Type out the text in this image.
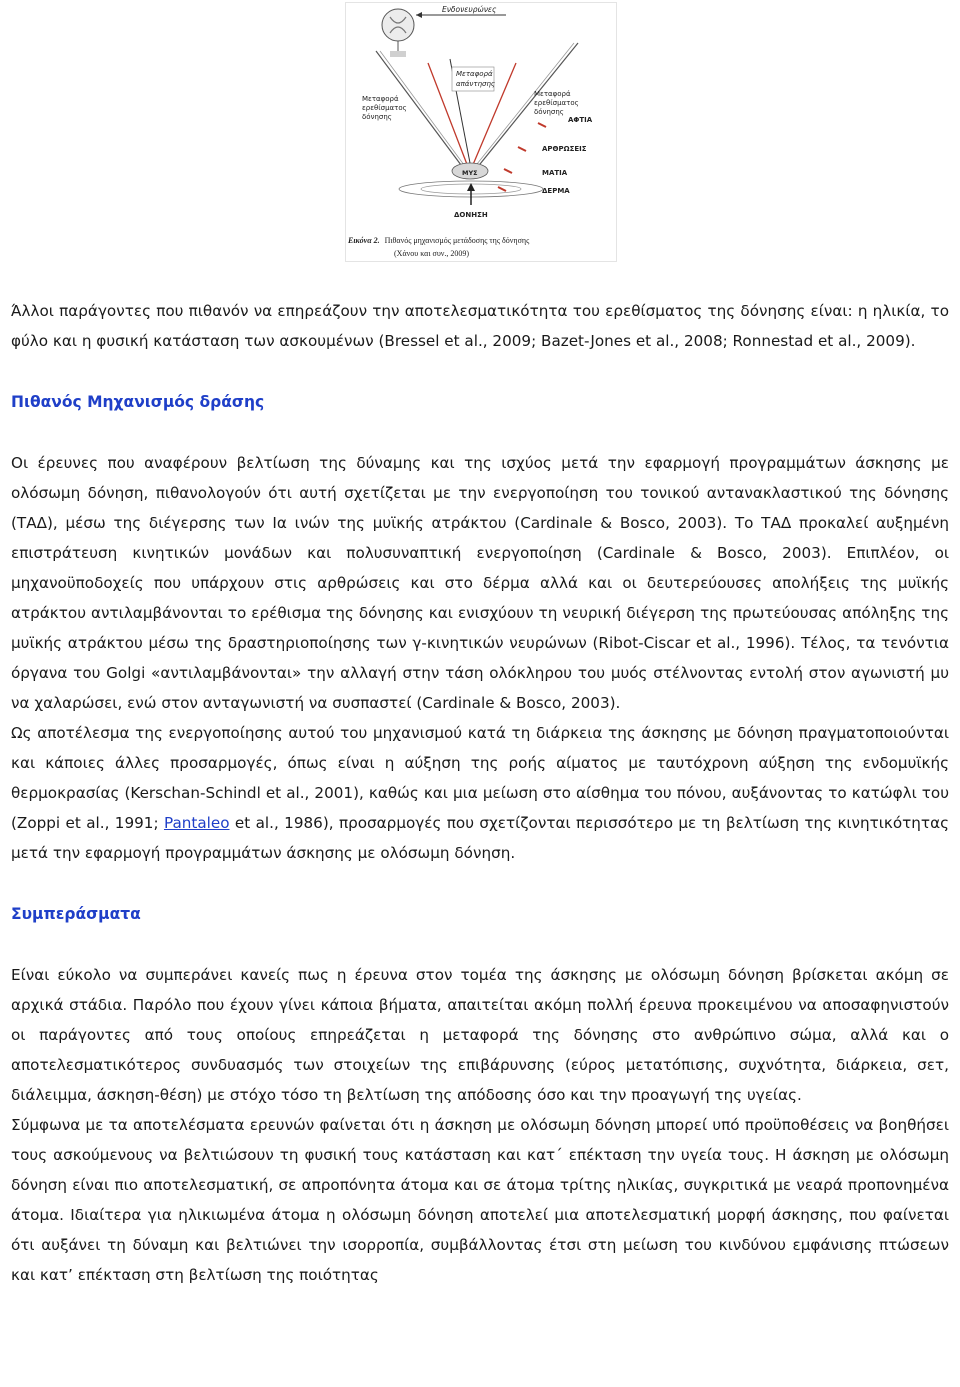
Ενδονευρώνες
Μεταφορά
ερεθίσματος
δόνησης
Μεταφορά
απάντησης
Μεταφορά
ερεθίσματος
δόνησης
ΑΦΤΙΑ
ΑΡΘΡΩΣΕΙΣ
ΜΑΤΙΑ
ΔΕΡΜΑ
ΜΥΣ
ΔΟΝΗΣΗ
Εικόνα 2. Πιθανός μηχανισμός μετάδοσης της δόνησης
(Χάνου και συν., 2009)

Άλλοι παράγοντες που πιθανόν να επηρεάζουν την αποτελεσματικότητα του ερεθίσματος της δόνησης είναι: η ηλικία, το φύλο και η φυσική κατάσταση των ασκουμένων (Bressel et al., 2009; Bazet-Jones et al., 2008; Ronnestad et al., 2009).

Πιθανός Μηχανισμός δράσης

Οι έρευνες που αναφέρουν βελτίωση της δύναμης και της ισχύος μετά την εφαρμογή προγραμμάτων άσκησης με ολόσωμη δόνηση, πιθανολογούν ότι αυτή σχετίζεται με την ενεργοποίηση του τονικού αντανακλαστικού της δόνησης (ΤΑΔ), μέσω της διέγερσης των Ια ινών της μυϊκής ατράκτου (Cardinale & Bosco, 2003). Το ΤΑΔ προκαλεί αυξημένη επιστράτευση κινητικών μονάδων και πολυσυναπτική ενεργοποίηση (Cardinale & Bosco, 2003). Επιπλέον, οι μηχανοϋποδοχείς που υπάρχουν στις αρθρώσεις και στο δέρμα αλλά και οι δευτερεύουσες απολήξεις της μυϊκής ατράκτου αντιλαμβάνονται το ερέθισμα της δόνησης και ενισχύουν τη νευρική διέγερση της πρωτεύουσας απόληξης της μυϊκής ατράκτου μέσω της δραστηριοποίησης των γ-κινητικών νευρώνων (Ribot-Ciscar et al., 1996). Τέλος, τα τενόντια όργανα του Golgi «αντιλαμβάνονται» την αλλαγή στην τάση ολόκληρου του μυός στέλνοντας εντολή στον αγωνιστή μυ να χαλαρώσει, ενώ στον ανταγωνιστή να συσπαστεί (Cardinale & Bosco, 2003).

Ως αποτέλεσμα της ενεργοποίησης αυτού του μηχανισμού κατά τη διάρκεια της άσκησης με δόνηση πραγματοποιούνται και κάποιες άλλες προσαρμογές, όπως είναι η αύξηση της ροής αίματος με ταυτόχρονη αύξηση της ενδομυϊκής θερμοκρασίας (Kerschan-Schindl et al., 2001), καθώς και μια μείωση στο αίσθημα του πόνου, αυξάνοντας το κατώφλι του (Zoppi et al., 1991; Pantaleo et al., 1986), προσαρμογές που σχετίζονται περισσότερο με τη βελτίωση της κινητικότητας μετά την εφαρμογή προγραμμάτων άσκησης με ολόσωμη δόνηση.

Συμπεράσματα

Είναι εύκολο να συμπεράνει κανείς πως η έρευνα στον τομέα της άσκησης με ολόσωμη δόνηση βρίσκεται ακόμη σε αρχικά στάδια. Παρόλο που έχουν γίνει κάποια βήματα, απαιτείται ακόμη πολλή έρευνα προκειμένου να αποσαφηνιστούν οι παράγοντες από τους οποίους επηρεάζεται η μεταφορά της δόνησης στο ανθρώπινο σώμα, αλλά και ο αποτελεσματικότερος συνδυασμός των στοιχείων της επιβάρυνσης (εύρος μετατόπισης, συχνότητα, διάρκεια, σετ, διάλειμμα, άσκηση-θέση) με στόχο τόσο τη βελτίωση της απόδοσης όσο και την προαγωγή της υγείας.

Σύμφωνα με τα αποτελέσματα ερευνών φαίνεται ότι η άσκηση με ολόσωμη δόνηση μπορεί υπό προϋποθέσεις να βοηθήσει τους ασκούμενους να βελτιώσουν τη φυσική τους κατάσταση και κατ΄ επέκταση την υγεία τους. Η άσκηση με ολόσωμη δόνηση είναι πιο αποτελεσματική, σε απροπόνητα άτομα και σε άτομα τρίτης ηλικίας, συγκριτικά με νεαρά προπονημένα άτομα. Ιδιαίτερα για ηλικιωμένα άτομα η ολόσωμη δόνηση αποτελεί μια αποτελεσματική μορφή άσκησης, που φαίνεται ότι αυξάνει τη δύναμη και βελτιώνει την ισορροπία, συμβάλλοντας έτσι στη μείωση του κινδύνου εμφάνισης πτώσεων και κατ’ επέκταση στη βελτίωση της ποιότητας
